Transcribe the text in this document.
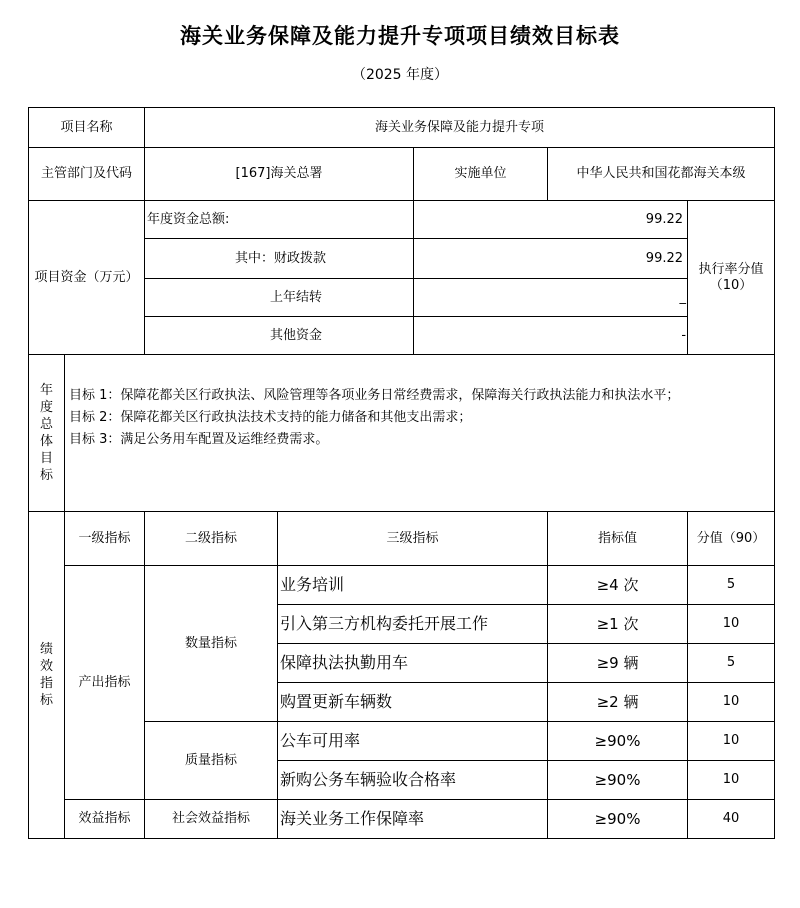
海关业务保障及能力提升专项项目绩效目标表
（2025 年度）
项目名称		海关业务保障及能力提升专项				
主管部门及代码		[167]海关总署		实施单位	中华人民共和国花都海关本级	
项目资金（万元）		年度资金总额:		99.22		执行率分值（10）
		其中：财政拨款		99.22		
		上年结转		_		
		其他资金		-		
年度总体目标	目标 1：保障花都关区行政执法、风险管理等各项业务日常经费需求，保障海关行政执法能力和执法水平；
目标 2：保障花都关区行政执法技术支持的能力储备和其他支出需求；
目标 3：满足公务用车配置及运维经费需求。					

绩效指标	一级指标	二级指标	三级指标		指标值	分值（90）
	产出指标	数量指标	业务培训		≥4 次	5
			引入第三方机构委托开展工作		≥1 次	10
			保障执法执勤用车		≥9 辆	5
			购置更新车辆数		≥2 辆	10
		质量指标	公车可用率		≥90%	10
			新购公务车辆验收合格率		≥90%	10
	效益指标	社会效益指标	海关业务工作保障率		≥90%	40
